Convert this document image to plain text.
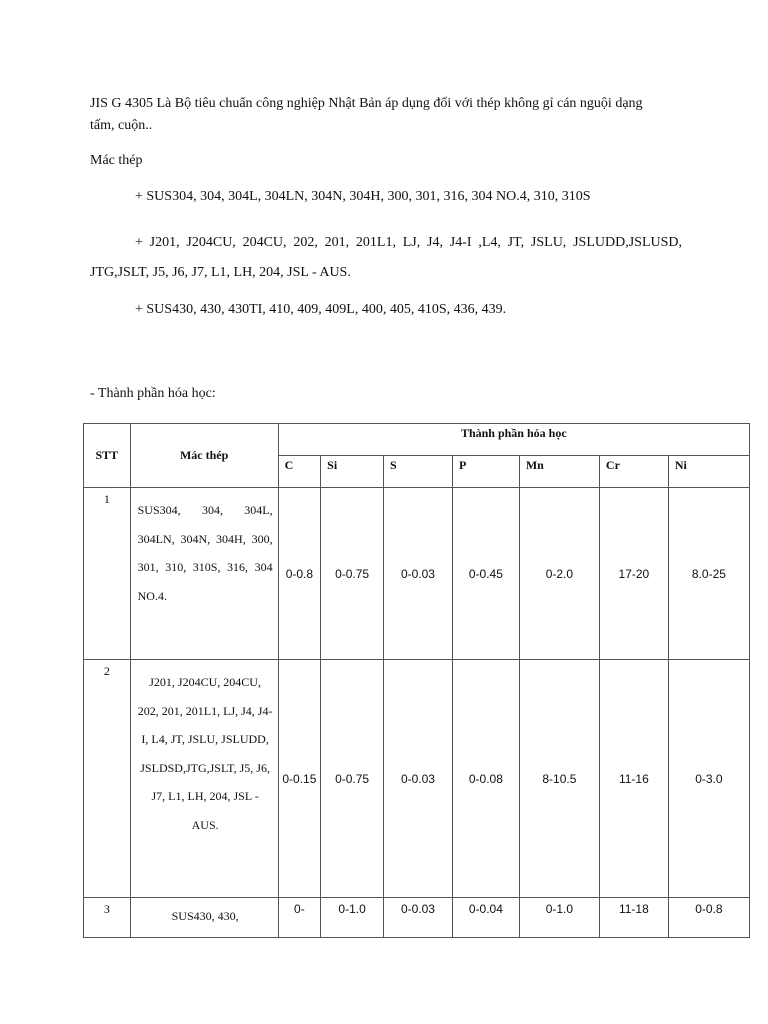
JIS G 4305 Là Bộ tiêu chuẩn công nghiệp Nhật Bản áp dụng đối với thép không gỉ cán nguội dạng tấm, cuộn..
Mác thép
+ SUS304, 304, 304L, 304LN, 304N, 304H, 300, 301, 316, 304 NO.4, 310, 310S
+ J201, J204CU, 204CU, 202, 201, 201L1, LJ, J4, J4-I ,L4, JT, JSLU, JSLUDD,JSLUSD, JTG,JSLT, J5, J6, J7, L1, LH, 204, JSL - AUS.
+ SUS430, 430, 430TI, 410, 409, 409L, 400, 405, 410S, 436, 439.
- Thành phần hóa học:
STT	Mác thép	Thành phần hóa học						
		C	Si	S	P	Mn	Cr	Ni
1	SUS304, 304, 304L, 304LN, 304N, 304H, 300, 301, 310, 310S, 316, 304 NO.4.	0-0.8	0-0.75	0-0.03	0-0.45	0-2.0	17-20	8.0-25
2	J201, J204CU, 204CU, 202, 201, 201L1, LJ, J4, J4-I, L4, JT, JSLU, JSLUDD, JSLDSD,JTG,JSLT, J5, J6, J7, L1, LH, 204, JSL - AUS.	0-0.15	0-0.75	0-0.03	0-0.08	8-10.5	11-16	0-3.0
3	SUS430, 430,	0-	0-1.0	0-0.03	0-0.04	0-1.0	11-18	0-0.8
